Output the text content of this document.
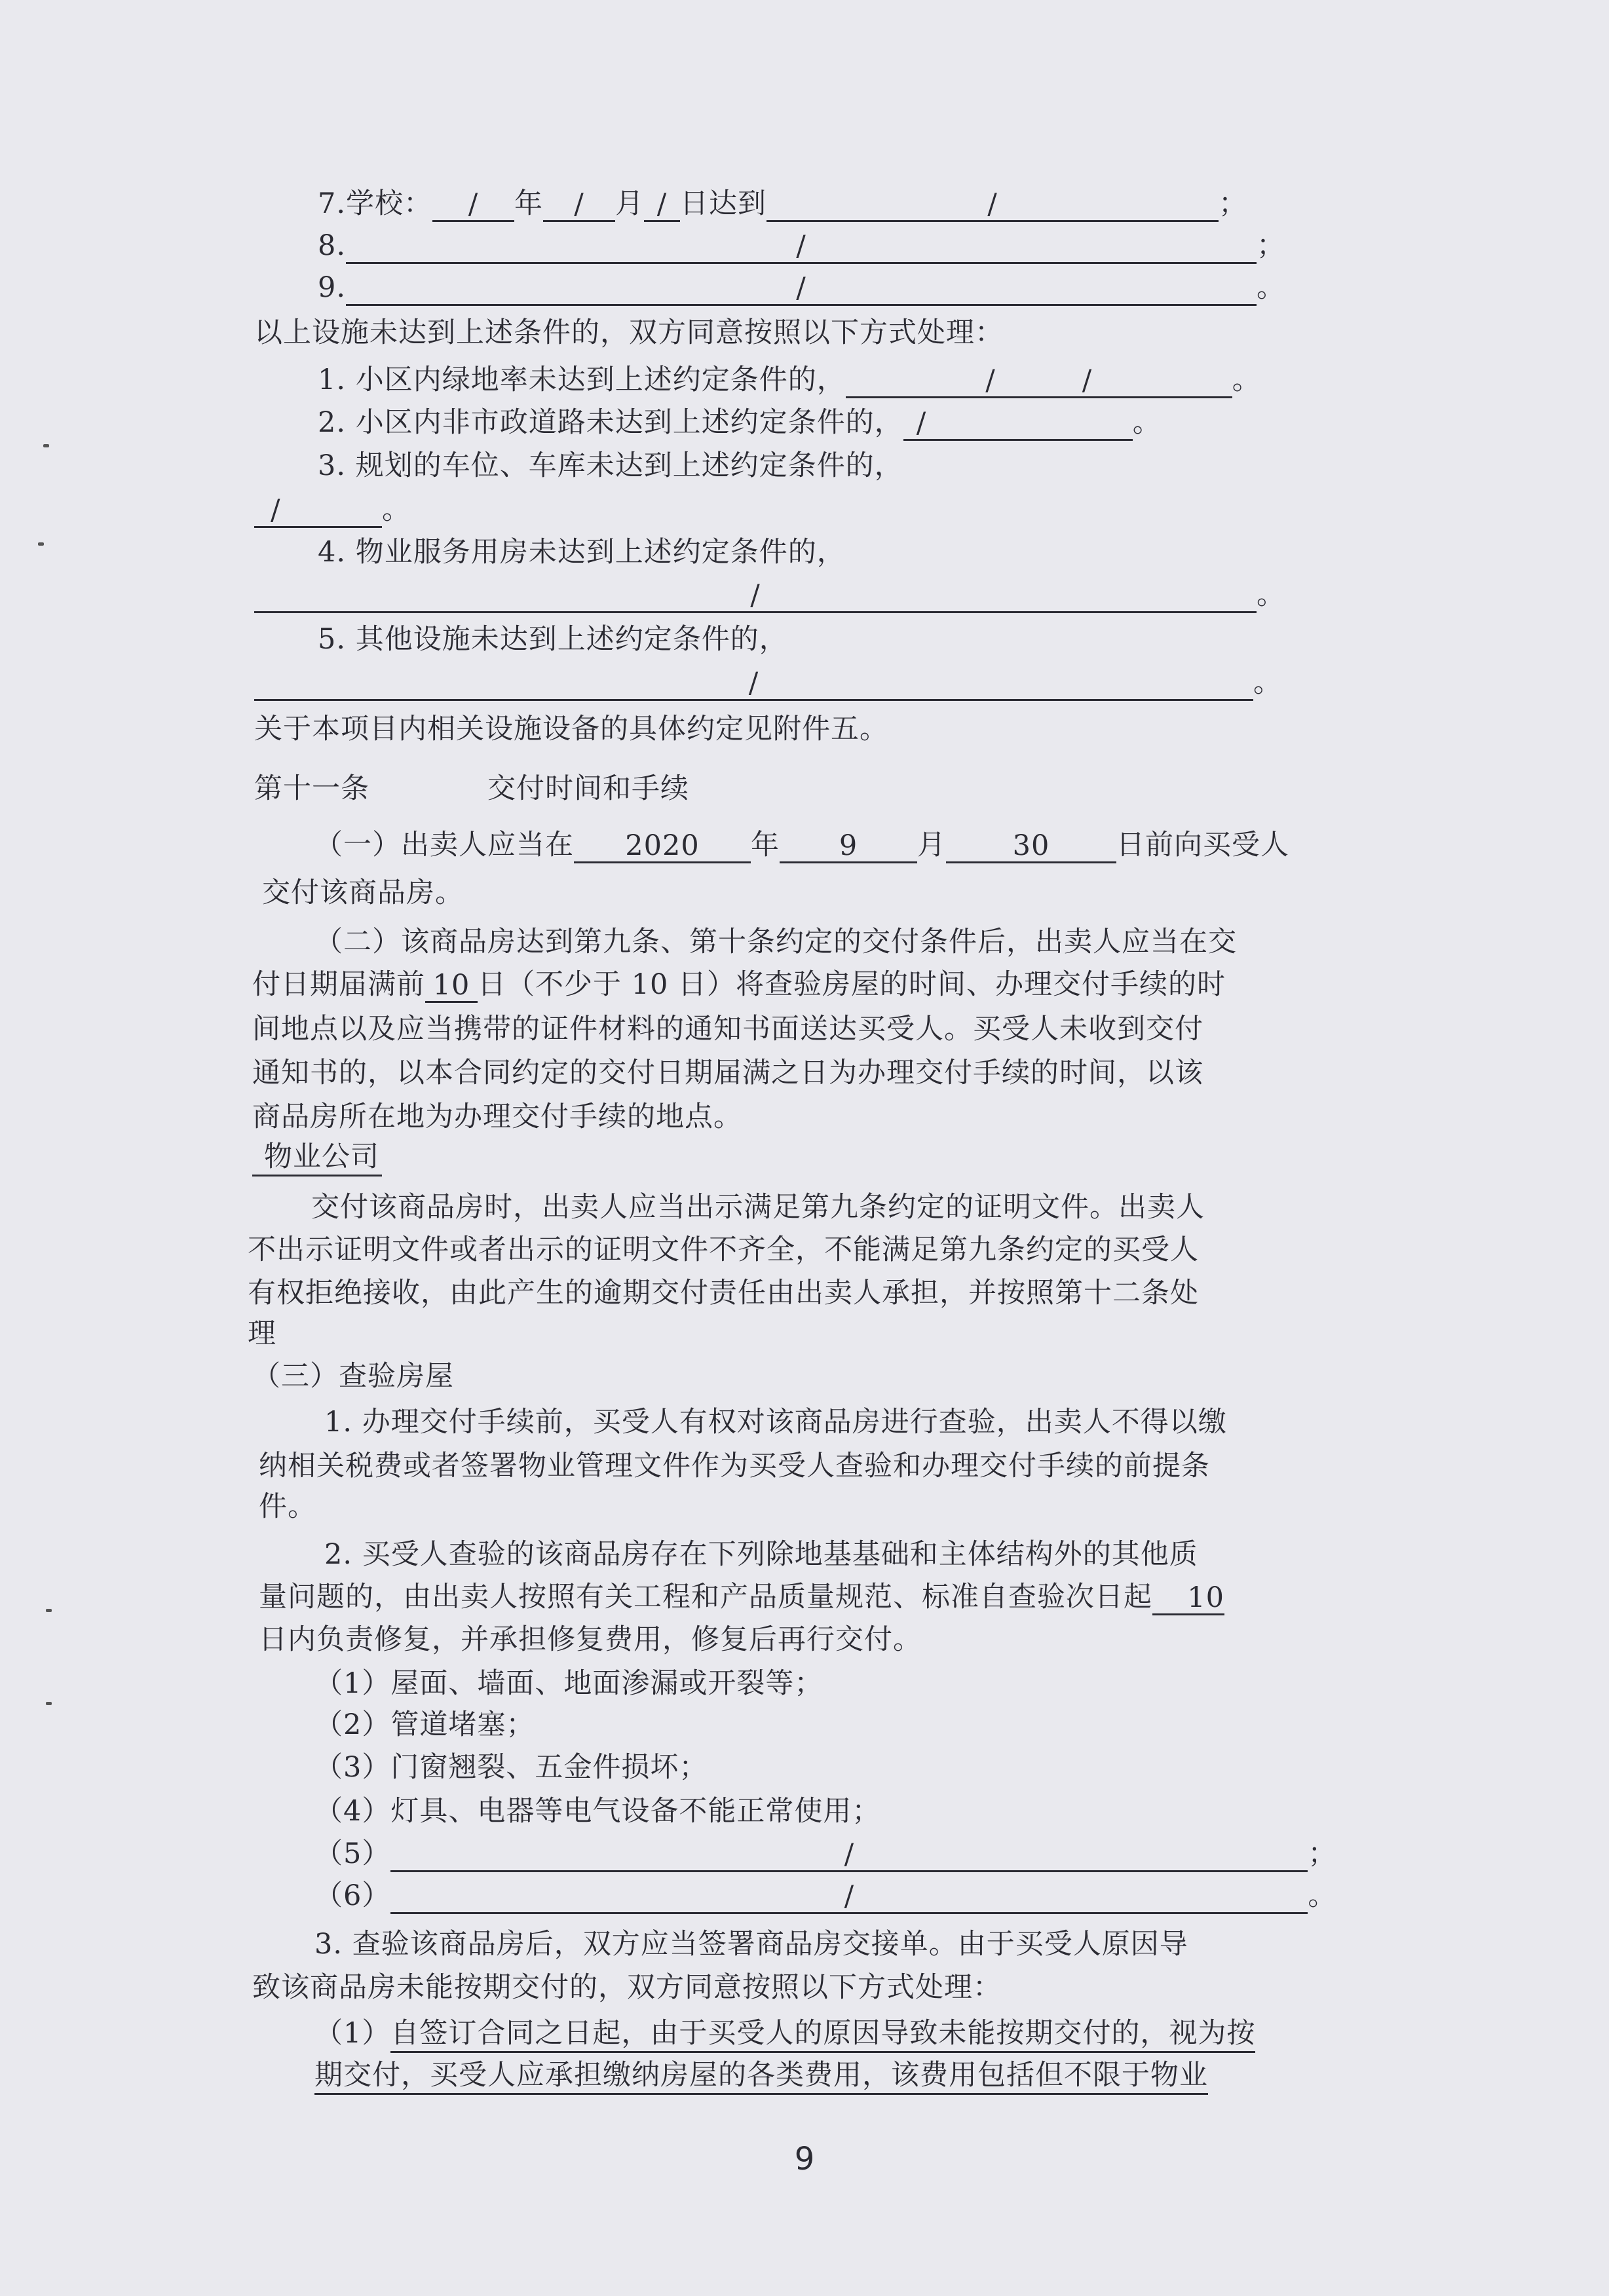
7.学校： / 年 / 月 / 日达到	/	；
8.	/	；
9.	/	。
以上设施未达到上述条件的，双方同意按照以下方式处理：
1. 小区内绿地率未达到上述约定条件的，	/	/	。
2. 小区内非市政道路未达到上述约定条件的， /	。
3. 规划的车位、车库未达到上述约定条件的，
/	。
4. 物业服务用房未达到上述约定条件的，
/	。
5. 其他设施未达到上述约定条件的，
/	。
关于本项目内相关设施设备的具体约定见附件五。
第十一条	交付时间和手续
（一）出卖人应当在 2020 年 9 月 30 日前向买受人
交付该商品房。
（二）该商品房达到第九条、第十条约定的交付条件后，出卖人应当在交
付日期届满前 10 日（不少于 10 日）将查验房屋的时间、办理交付手续的时
间地点以及应当携带的证件材料的通知书面送达买受人。买受人未收到交付
通知书的，以本合同约定的交付日期届满之日为办理交付手续的时间，以该
商品房所在地为办理交付手续的地点。
物业公司
交付该商品房时，出卖人应当出示满足第九条约定的证明文件。出卖人
不出示证明文件或者出示的证明文件不齐全，不能满足第九条约定的买受人
有权拒绝接收，由此产生的逾期交付责任由出卖人承担，并按照第十二条处
理
（三）查验房屋
1. 办理交付手续前，买受人有权对该商品房进行查验，出卖人不得以缴
纳相关税费或者签署物业管理文件作为买受人查验和办理交付手续的前提条
件。
2. 买受人查验的该商品房存在下列除地基基础和主体结构外的其他质
量问题的，由出卖人按照有关工程和产品质量规范、标准自查验次日起 10
日内负责修复，并承担修复费用，修复后再行交付。
（1）屋面、墙面、地面渗漏或开裂等；
（2）管道堵塞；
（3）门窗翘裂、五金件损坏；
（4）灯具、电器等电气设备不能正常使用；
（5）	/	；
（6）	/	。
3. 查验该商品房后，双方应当签署商品房交接单。由于买受人原因导
致该商品房未能按期交付的，双方同意按照以下方式处理：
（1）自签订合同之日起，由于买受人的原因导致未能按期交付的，视为按
期交付，买受人应承担缴纳房屋的各类费用，该费用包括但不限于物业
9
